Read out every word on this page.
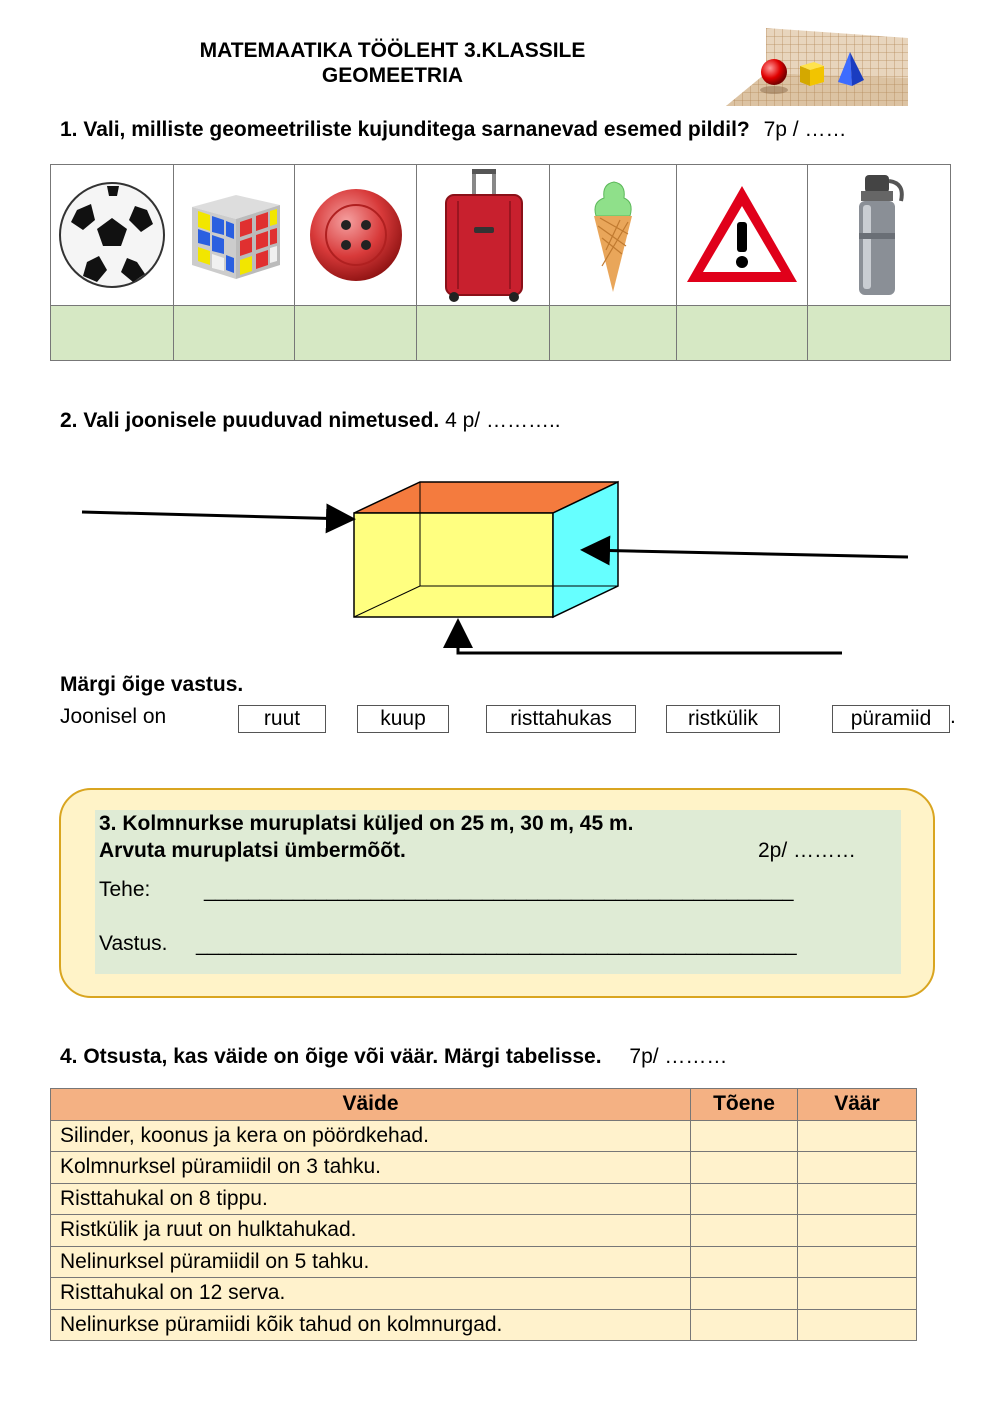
MATEMAATIKA TÖÖLEHT 3.KLASSILE
GEOMEETRIA
1. Vali, milliste geomeetriliste kujunditega sarnanevad esemed pildil? 7p / ……

2. Vali joonisele puuduvad nimetused. 4 p/ ………..
Märgi õige vastus.
Joonisel on	ruut	kuup	risttahukas	ristkülik	püramiid .
3. Kolmnurkse muruplatsi küljed on 25 m, 30 m, 45 m.
Arvuta muruplatsi ümbermõõt.	2p/ ………
Tehe:	_____________________________________________________
Vastus. ______________________________________________________
4. Otsusta, kas väide on õige või väär. Märgi tabelisse. 7p/ ………
Väide	Tõene	Väär
Silinder, koonus ja kera on pöördkehad.		
Kolmnurksel püramiidil on 3 tahku.		
Risttahukal on 8 tippu.		
Ristkülik ja ruut on hulktahukad.		
Nelinurksel püramiidil on 5 tahku.		
Risttahukal on 12 serva.		
Nelinurkse püramiidi kõik tahud on kolmnurgad.		
